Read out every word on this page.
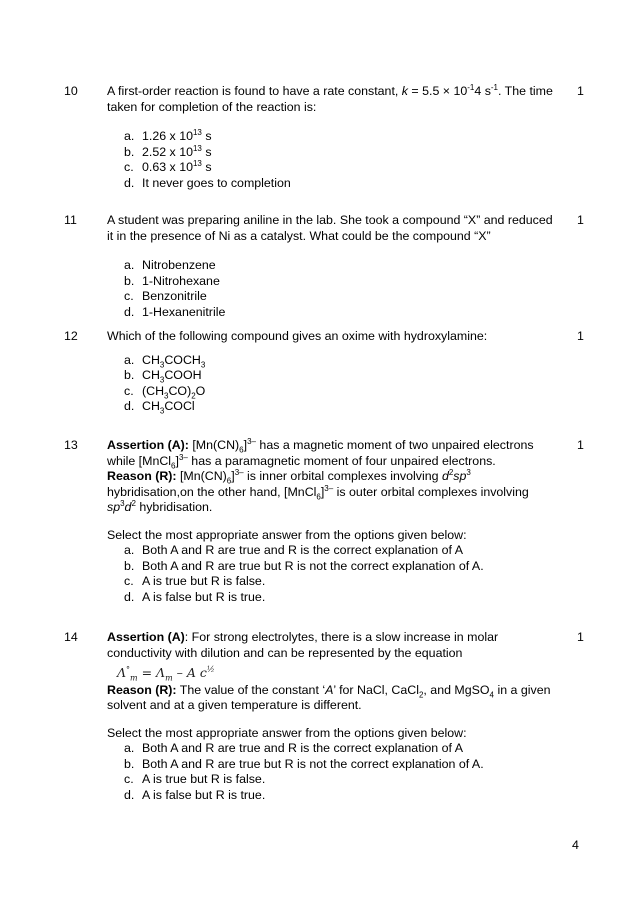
10 A first-order reaction is found to have a rate constant, $k = 5.5 \times 10^{-1}4$ $s^{-1}$. The time taken for completion of the reaction is:
a. 1.26 x $10^{13}$ s
b. 2.52 x $10^{13}$ s
c. 0.63 x $10^{13}$ s
d. It never goes to completion
1
11 A student was preparing aniline in the lab. She took a compound “X” and reduced it in the presence of Ni as a catalyst. What could be the compound “X”
a. Nitrobenzene
b. 1-Nitrohexane
c. Benzonitrile
d. 1-Hexanenitrile
1
12 Which of the following compound gives an oxime with hydroxylamine:
a. $CH_3COCH_3$
b. $CH_3COOH$
c. $(CH_3CO)_2O$
d. $CH_3COCl$
1
13 Assertion (A): $[Mn(CN)_6]^{3-}$ has a magnetic moment of two unpaired electrons while [MnCl$_6$]$^{3-}$ has a paramagnetic moment of four unpaired electrons.
Reason (R): $[Mn(CN)_6]^{3-}$ is inner orbital complexes involving $d^2sp^3$ hybridisation,on the other hand, [MnCl$_6$]$^{3-}$ is outer orbital complexes involving $sp^3d^2$ hybridisation.
Select the most appropriate answer from the options given below:
a. Both A and R are true and R is the correct explanation of A
b. Both A and R are true but R is not the correct explanation of A.
c. A is true but R is false.
d. A is false but R is true.
1
14 Assertion (A): For strong electrolytes, there is a slow increase in molar conductivity with dilution and can be represented by the equation
$\Lambda^\circ_m = \Lambda_m - A$ $c^{\frac{1}{2}}$
Reason (R): The value of the constant ‘A’ for NaCl, CaCl$_2$, and MgSO$_4$ in a given solvent and at a given temperature is different.
Select the most appropriate answer from the options given below:
a. Both A and R are true and R is the correct explanation of A
b. Both A and R are true but R is not the correct explanation of A.
c. A is true but R is false.
d. A is false but R is true.
1
4
